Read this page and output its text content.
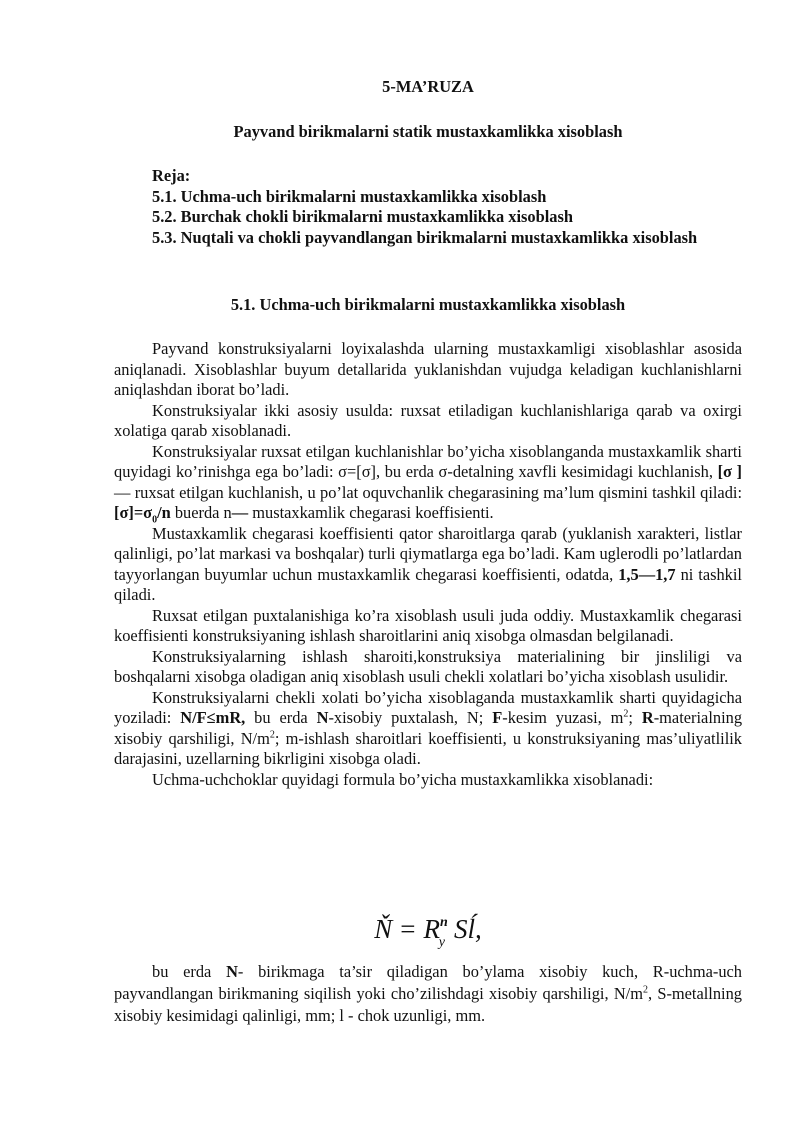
5-MA’RUZA

Payvand birikmalarni statik mustaxkamlikka xisoblash

Reja:
5.1. Uchma-uch birikmalarni mustaxkamlikka xisoblash
5.2. Burchak chokli birikmalarni mustaxkamlikka xisoblash
5.3. Nuqtali va chokli payvandlangan birikmalarni mustaxkamlikka xisoblash

5.1. Uchma-uch birikmalarni mustaxkamlikka xisoblash

Payvand konstruksiyalarni loyixalashda ularning mustaxkamligi xisoblashlar asosida aniqlanadi. Xisoblashlar buyum detallarida yuklanishdan vujudga keladigan kuchlanishlarni aniqlashdan iborat bo’ladi.
Konstruksiyalar ikki asosiy usulda: ruxsat etiladigan kuchlanishlariga qarab va oxirgi xolatiga qarab xisoblanadi.
Konstruksiyalar ruxsat etilgan kuchlanishlar bo’yicha xisoblanganda mustaxkamlik sharti quyidagi ko’rinishga ega bo’ladi: σ=[σ], bu erda σ-detalning xavfli kesimidagi kuchlanish, [σ ] — ruxsat etilgan kuchlanish, u po’lat oquvchanlik chegarasining ma’lum qismini tashkil qiladi: $[\sigma]=\sigma_0/n$ buerda n— mustaxkamlik chegarasi koeffisienti.
Mustaxkamlik chegarasi koeffisienti qator sharoitlarga qarab (yuklanish xarakteri, listlar qalinligi, po’lat markasi va boshqalar) turli qiymatlarga ega bo’ladi. Kam uglerodli po’latlardan tayyorlangan buyumlar uchun mustaxkamlik chegarasi koeffisienti, odatda, 1,5—1,7 ni tashkil qiladi.
Ruxsat etilgan puxtalanishiga ko’ra xisoblash usuli juda oddiy. Mustaxkamlik chegarasi koeffisienti konstruksiyaning ishlash sharoitlarini aniq xisobga olmasdan belgilanadi.
Konstruksiyalarning ishlash sharoiti,konstruksiya materialining bir jinsliligi va boshqalarni xisobga oladigan aniq xisoblash usuli chekli xolatlari bo’yicha xisoblash usulidir.
Konstruksiyalarni chekli xolati bo’yicha xisoblaganda mustaxkamlik sharti quyidagicha yoziladi: N/F≤mR, bu erda N-xisobiy puxtalash, N; F-kesim yuzasi, $m^2$; R-materialning xisobiy qarshiligi, $N/m^2$; m-ishlash sharoitlari koeffisienti, u konstruksiyaning mas’uliyatlilik darajasini, uzellarning bikrligini xisobga oladi.
Uchma-uchchoklar quyidagi formula bo’yicha mustaxkamlikka xisoblanadi:
Ň = $R^n_y$ Sĺ,
bu erda N- birikmaga ta’sir qiladigan bo’ylama xisobiy kuch, R-uchma-uch payvandlangan birikmaning siqilish yoki cho’zilishdagi xisobiy qarshiligi, $N/m^2$, S-metallning xisobiy kesimidagi qalinligi, mm; l - chok uzunligi, mm.
